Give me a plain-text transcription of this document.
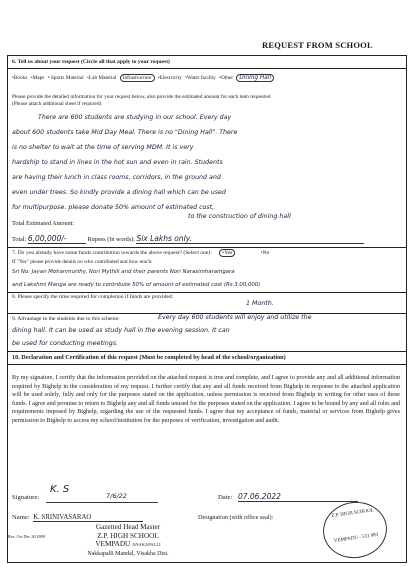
REQUEST FROM SCHOOL
6. Tell us about your request (Circle all that apply to your request)
•Books •Maps • Sports Material •Lab Material Infrastructure •Electricity •Water facility •Other Dining Hall
Please provide the detailed information for your request below, also provide the estimated amount for each item requested
(Please attach additional sheet if required)
There are 600 students are studying in our school. Every day
about 600 students take Mid Day Meal. There is no "Dining Hall". There
is no shelter to wait at the time of serving MDM. It is very
hardship to stand in lines in the hot sun and even in rain. Students
are having their lunch in class rooms, corridors, in the ground and
even under trees. So kindly provide a dining hall which can be used
for multipurpose. please donate 50% amount of estimated cost,
to the construction of dining hall
Total Estimated Amount:
Total: 6,00,000/-	Rupees (In words): Six Lakhs only.
7. Do you already have some funds contribution towards the above request? (Select one): •Yes	•No
If "Yes" please provide details on who contributed and how much:
Sri No: Jayan Mohanmurthy, Nori Mythili and their parents Nori Narasimharamgara
and Lakshmi Manga are ready to contribute 50% of amount of estimated cost (Rs.3,00,000)
8. Please specify the time required for completion if funds are provided:
1 Month.
9. Advantage to the students due to this scheme:	Every day 600 students will enjoy and utilize the
dining hall. It can be used as study hall in the evening session. It can
be used for conducting meetings.
10. Declaration and Certification of this request (Must be completed by head of the school/organization)
By my signature, I certify that the information provided on the attached request is true and complete, and I agree to provide any and all additional information required by Bighelp in the consideration of my request. I further certify that any and all funds received from Bighelp in response to the attached application will be used solely, fully and only for the purposes stated on the application, unless permission is received from Bighelp in writing for other uses of these funds. I agree and promise to return to Bighelp any and all funds unused for the purposes stated on the application. I agree to be bound by any and all rules and requirements imposed by Bighelp, regarding the use of the requested funds. I agree that my acceptance of funds, material or services from Bighelp gives permission to Bighelp to access my school/institution for the purposes of verification, investigation and audit.
Signature:
K. S
7/6/22	Date: 07.06.2022
Name: K. SRINIVASARAO	Designation (with office seal):
Gazetted Head Master
Z.P. HIGH SCHOOL
VEMPADU ANAKAPALLI
Nakkapalli Mandal, Visakha Dist.
Rev. Oct Dec 30 2009
Z.P. HIGH SCHOOL
VEMPADU - 531 083
